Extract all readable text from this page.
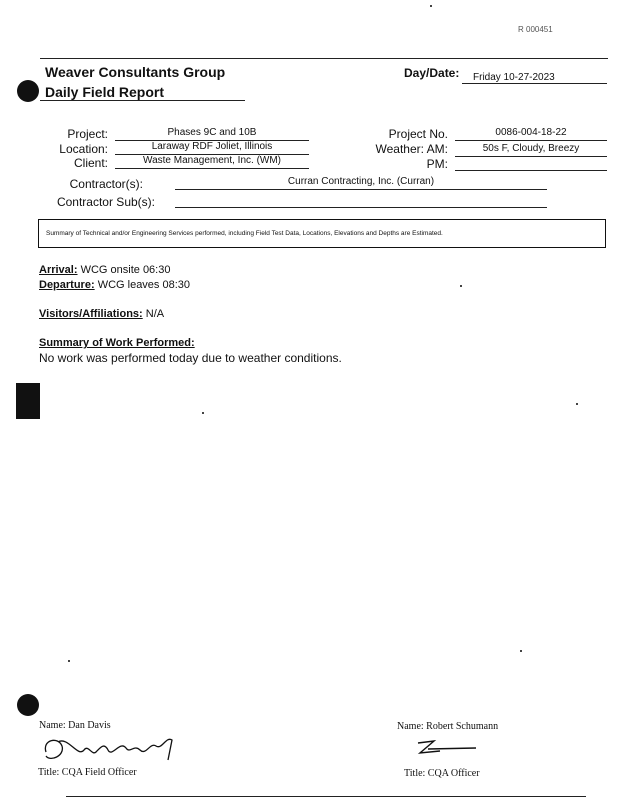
R 000451
Weaver Consultants Group
Daily Field Report
Day/Date: Friday 10-27-2023
Project:	Phases 9C and 10B
Location:	Laraway RDF Joliet, Illinois
Client:	Waste Management, Inc. (WM)
Project No.	0086-004-18-22
Weather: AM:	50s F, Cloudy, Breezy
PM:
Contractor(s):	Curran Contracting, Inc. (Curran)
Contractor Sub(s):
Summary of Technical and/or Engineering Services performed, including Field Test Data, Locations, Elevations and Depths are Estimated.
Arrival: WCG onsite 06:30
Departure: WCG leaves 08:30
Visitors/Affiliations: N/A
Summary of Work Performed:
No work was performed today due to weather conditions.
Name: Dan Davis
Title: CQA Field Officer
Name: Robert Schumann
Title: CQA Officer
